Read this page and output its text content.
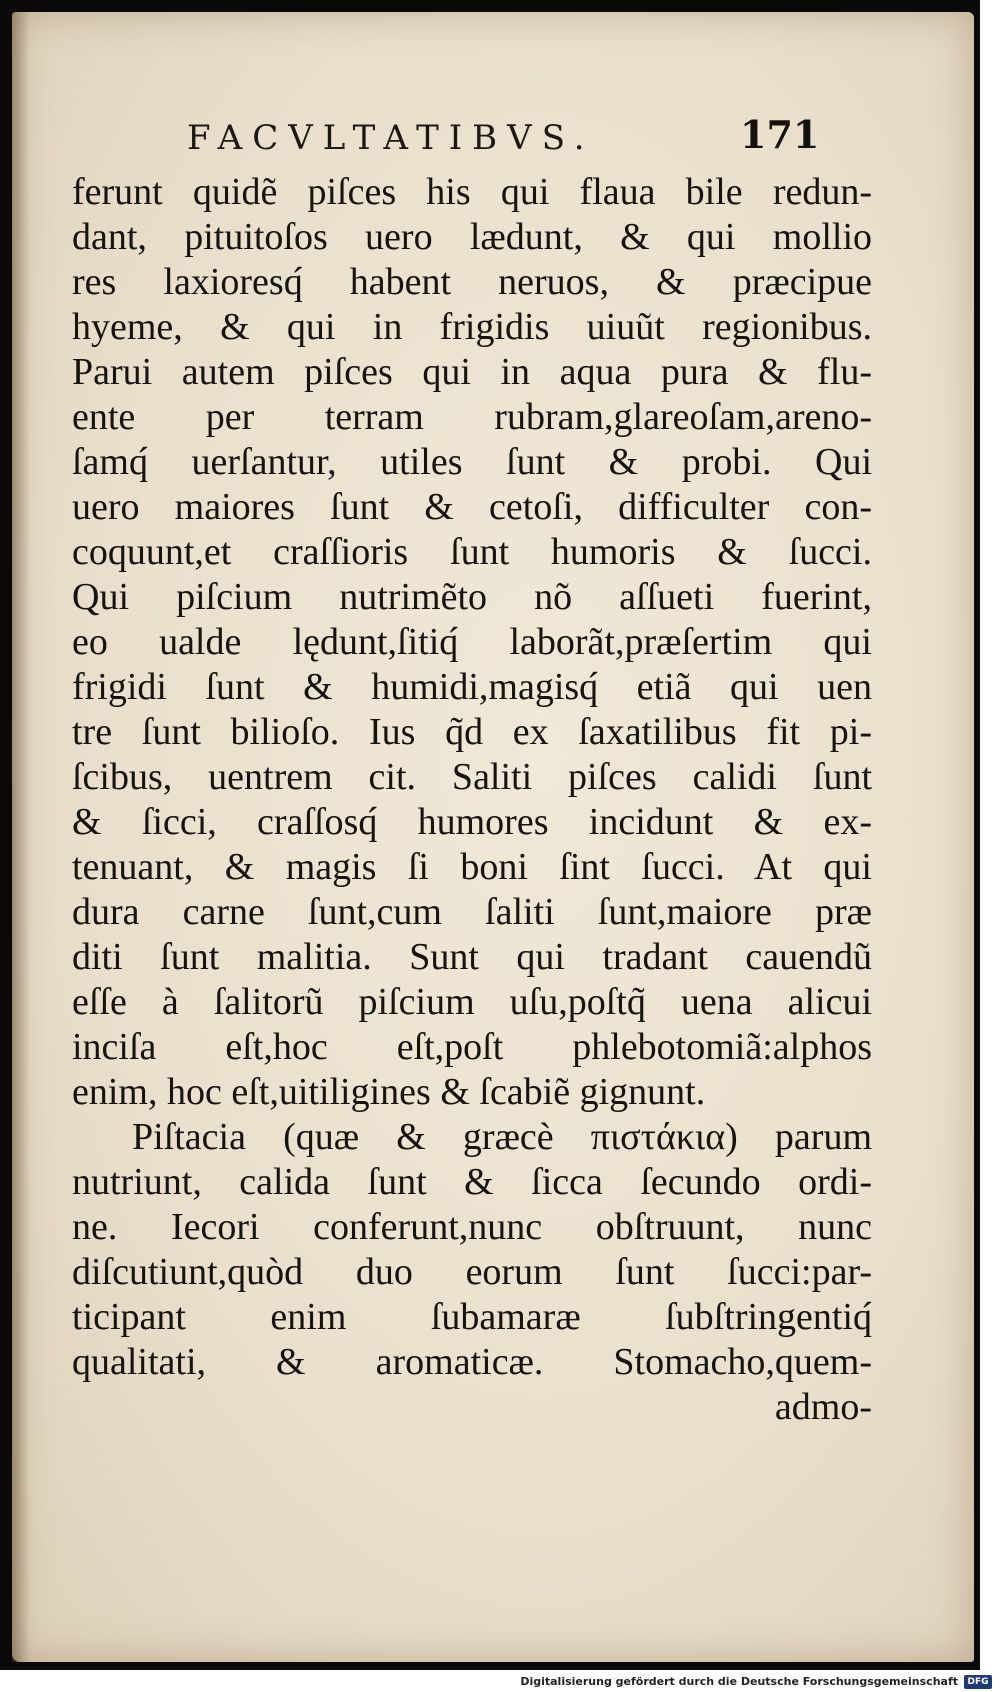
FACVLTATIBVS.	171
ferunt quidẽ piſces his qui flaua bile redun-
dant, pituitoſos uero lædunt, & qui mollio
res laxioresq́ habent neruos, & præcipue
hyeme, & qui in frigidis uiuũt regionibus.
Parui autem piſces qui in aqua pura & flu-
ente per terram rubram,glareoſam,areno-
ſamq́ uerſantur, utiles ſunt & probi. Qui
uero maiores ſunt & cetoſi, difficulter con-
coquunt,et craſſioris ſunt humoris & ſucci.
Qui piſcium nutrimẽto nõ aſſueti fuerint,
eo ualde lędunt,ſitiq́ laborãt,præſertim qui
frigidi ſunt & humidi,magisq́ etiã qui uen
tre ſunt bilioſo. Ius q̃d ex ſaxatilibus fit pi-
ſcibus, uentrem cit. Saliti piſces calidi ſunt
& ſicci, craſſosq́ humores incidunt & ex-
tenuant, & magis ſi boni ſint ſucci. At qui
dura carne ſunt,cum ſaliti ſunt,maiore præ
diti ſunt malitia. Sunt qui tradant cauendũ
eſſe à ſalitorũ piſcium uſu,poſtq̃ uena alicui
inciſa eſt,hoc eſt,poſt phlebotomiã:alphos
enim, hoc eſt,uitiligines & ſcabiẽ gignunt.
Piſtacia (quæ & græcè πιστάκια) parum
nutriunt, calida ſunt & ſicca ſecundo ordi-
ne. Iecori conferunt,nunc obſtruunt, nunc
diſcutiunt,quòd duo eorum ſunt ſucci:par-
ticipant enim ſubamaræ ſubſtringentiq́
qualitati, & aromaticæ. Stomacho,quem-
admo-
Digitalisierung gefördert durch die Deutsche Forschungsgemeinschaft	DFG
